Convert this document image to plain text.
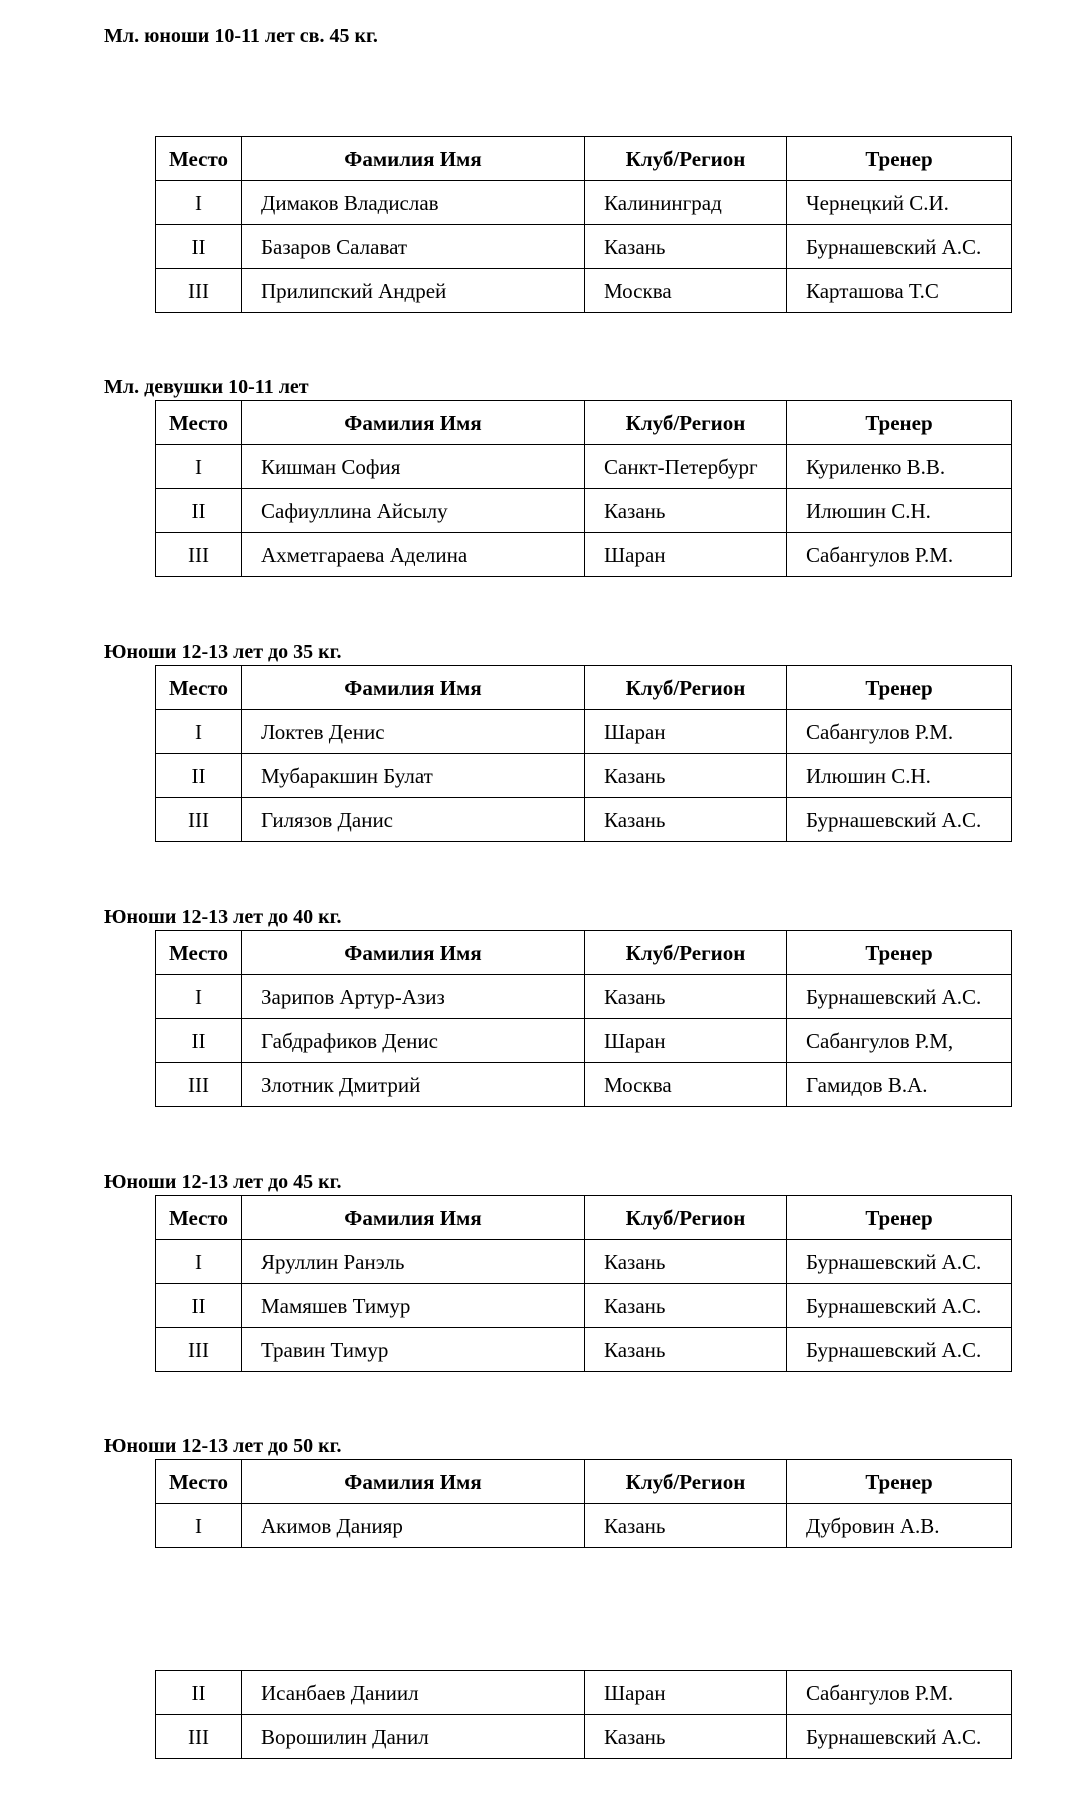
Мл. юноши 10-11 лет св. 45 кг.
Место	Фамилия Имя	Клуб/Регион	Тренер
I	Димаков Владислав	Калининград	Чернецкий С.И.
II	Базаров Салават	Казань	Бурнашевский А.С.
III	Прилипский Андрей	Москва	Карташова Т.С
Мл. девушки 10-11 лет
Место	Фамилия Имя	Клуб/Регион	Тренер
I	Кишман София	Санкт-Петербург	Куриленко В.В.
II	Сафиуллина Айсылу	Казань	Илюшин С.Н.
III	Ахметгараева Аделина	Шаран	Сабангулов Р.М.
Юноши 12-13 лет до 35 кг.
Место	Фамилия Имя	Клуб/Регион	Тренер
I	Локтев Денис	Шаран	Сабангулов Р.М.
II	Мубаракшин Булат	Казань	Илюшин С.Н.
III	Гилязов Данис	Казань	Бурнашевский А.С.
Юноши 12-13 лет до 40 кг.
Место	Фамилия Имя	Клуб/Регион	Тренер
I	Зарипов Артур-Азиз	Казань	Бурнашевский А.С.
II	Габдрафиков Денис	Шаран	Сабангулов Р.М,
III	Злотник Дмитрий	Москва	Гамидов В.А.
Юноши 12-13 лет до 45 кг.
Место	Фамилия Имя	Клуб/Регион	Тренер
I	Яруллин Ранэль	Казань	Бурнашевский А.С.
II	Мамяшев Тимур	Казань	Бурнашевский А.С.
III	Травин Тимур	Казань	Бурнашевский А.С.
Юноши 12-13 лет до 50 кг.
Место	Фамилия Имя	Клуб/Регион	Тренер
I	Акимов Данияр	Казань	Дубровин А.В.
II	Исанбаев Даниил	Шаран	Сабангулов Р.М.
III	Ворошилин Данил	Казань	Бурнашевский А.С.
